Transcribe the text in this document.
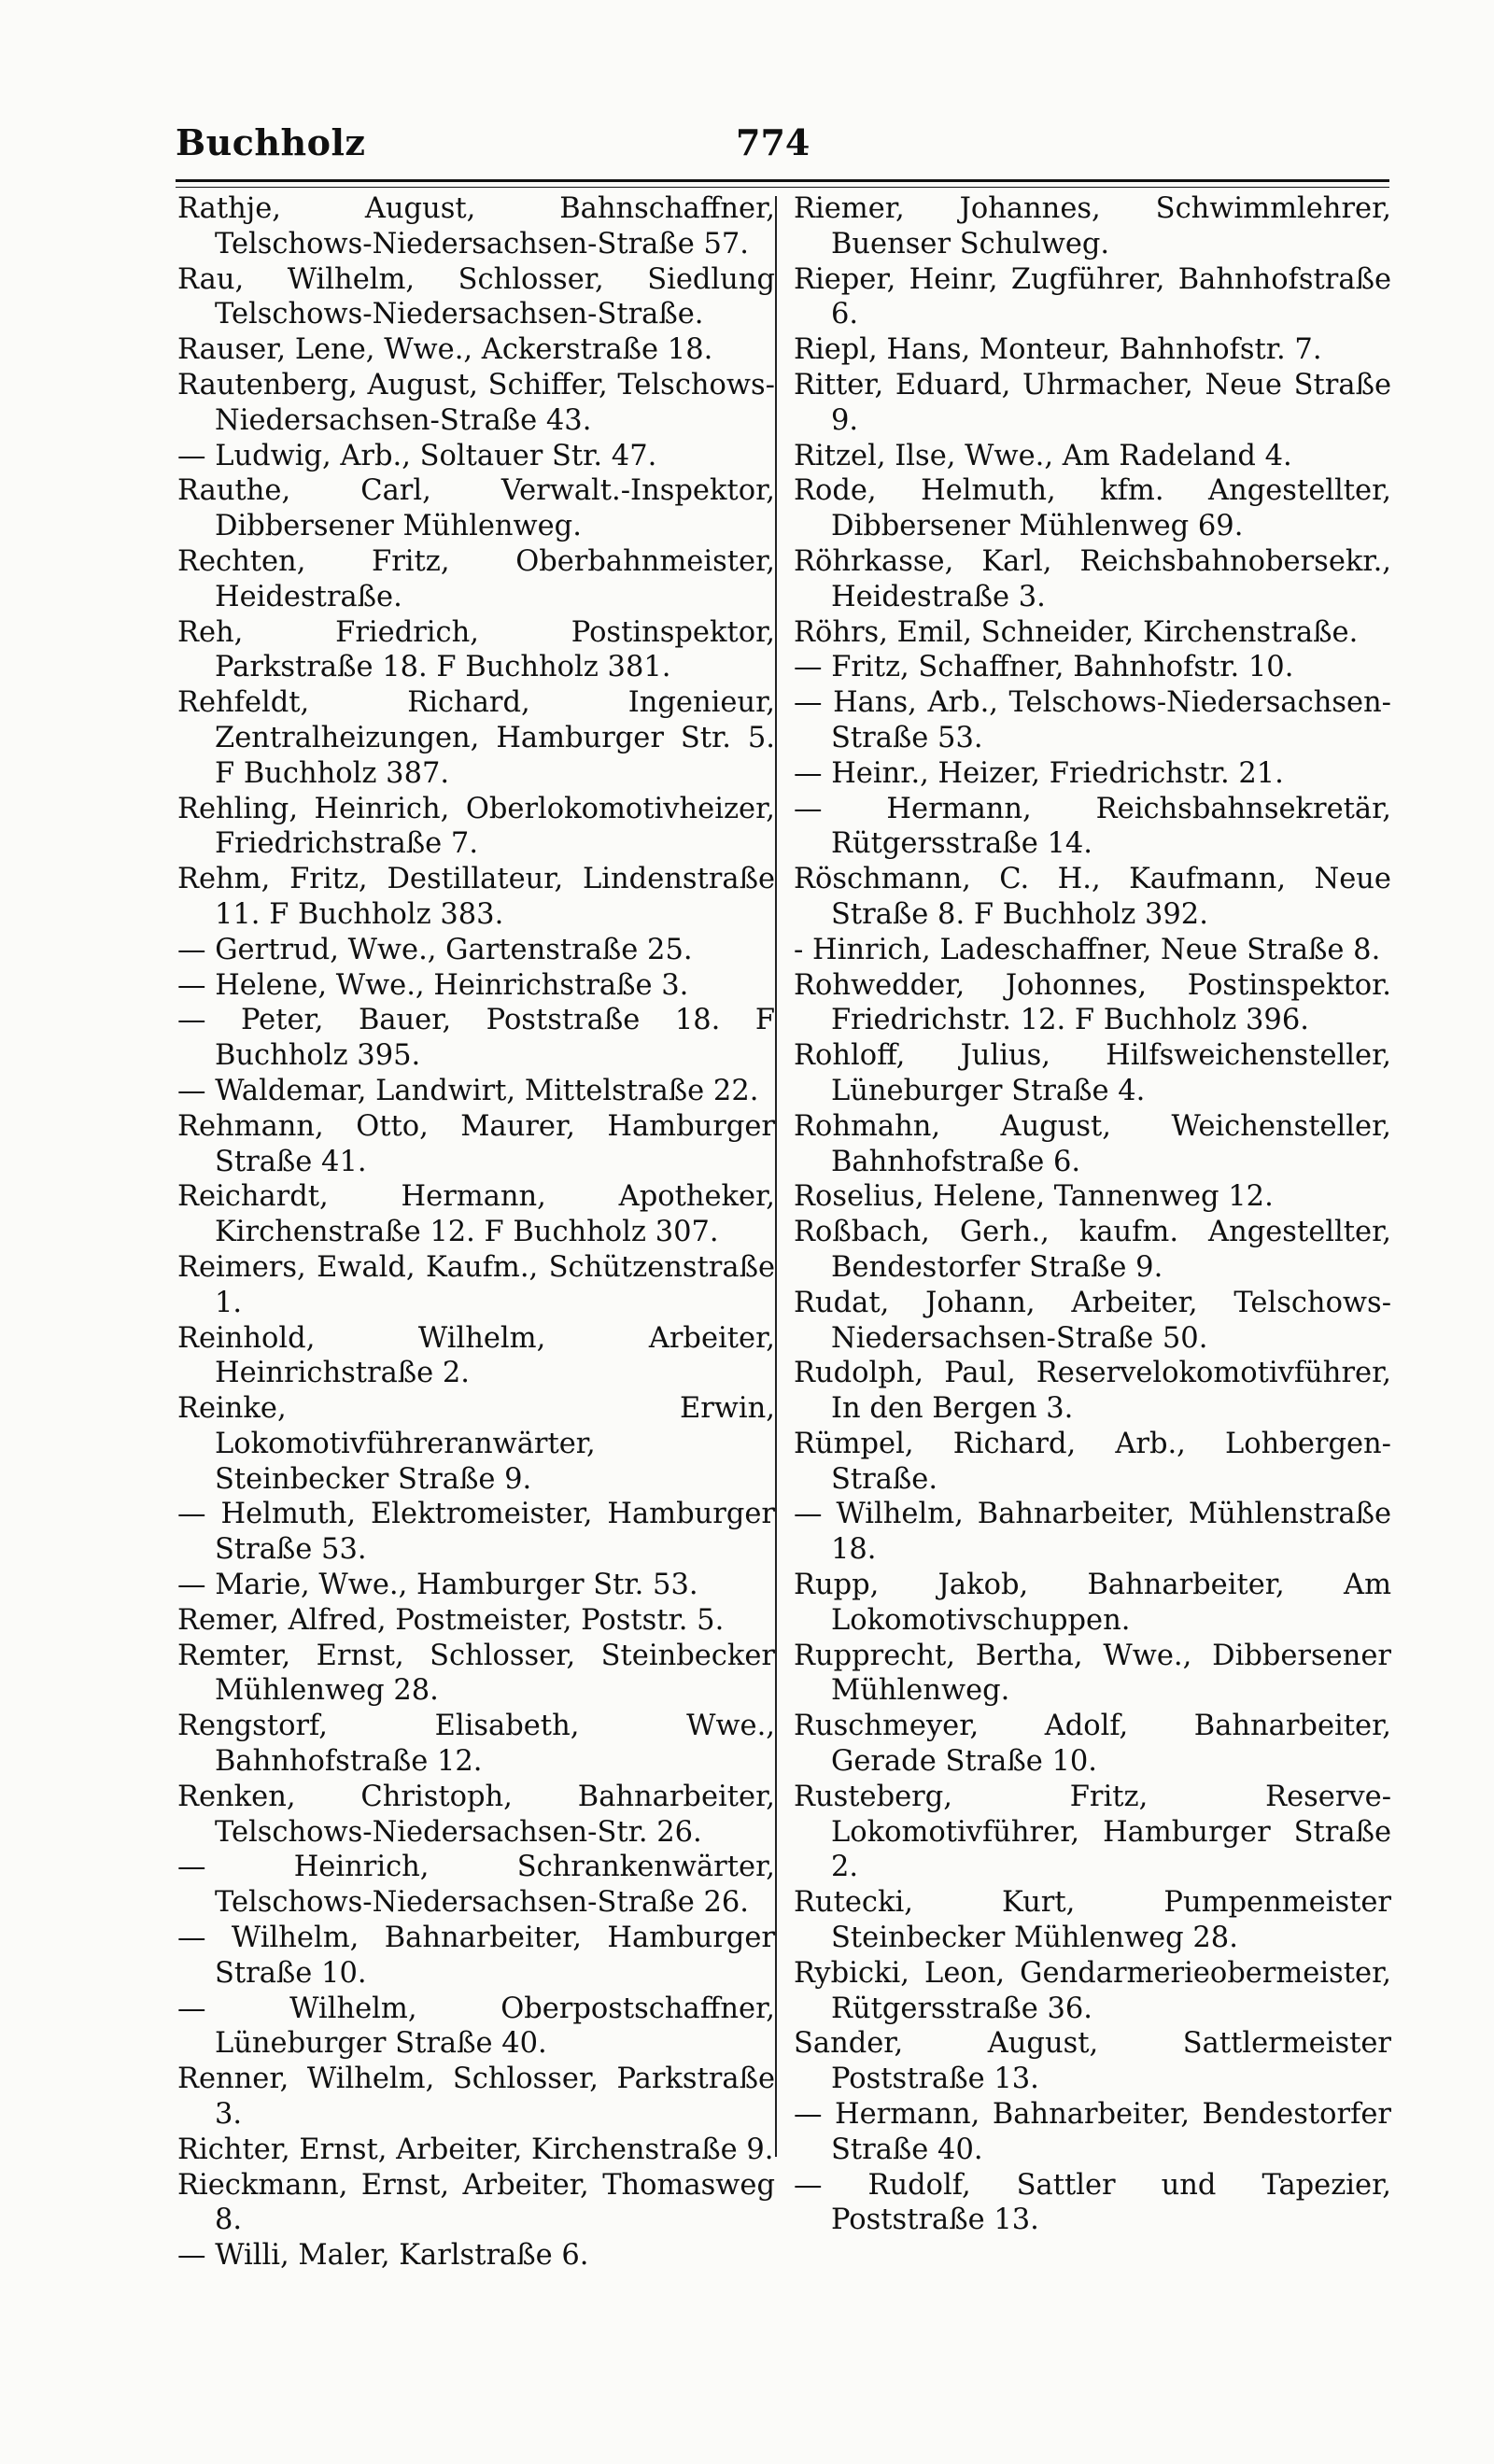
Buchholz	774

Rathje, August, Bahnschaffner, Telschows-Niedersachsen-Straße 57.

Rau, Wilhelm, Schlosser, Siedlung Telschows-Niedersachsen-Straße.

Rauser, Lene, Wwe., Ackerstraße 18.

Rautenberg, August, Schiffer, Telschows-Niedersachsen-Straße 43.

— Ludwig, Arb., Soltauer Str. 47.

Rauthe, Carl, Verwalt.-Inspektor, Dibbersener Mühlenweg.

Rechten, Fritz, Oberbahnmeister, Heidestraße.

Reh, Friedrich, Postinspektor, Parkstraße 18. F Buchholz 381.

Rehfeldt, Richard, Ingenieur, Zentralheizungen, Hamburger Str. 5. F Buchholz 387.

Rehling, Heinrich, Oberlokomotivheizer, Friedrichstraße 7.

Rehm, Fritz, Destillateur, Lindenstraße 11. F Buchholz 383.

— Gertrud, Wwe., Gartenstraße 25.

— Helene, Wwe., Heinrichstraße 3.

— Peter, Bauer, Poststraße 18. F Buchholz 395.

— Waldemar, Landwirt, Mittelstraße 22.

Rehmann, Otto, Maurer, Hamburger Straße 41.

Reichardt, Hermann, Apotheker, Kirchenstraße 12. F Buchholz 307.

Reimers, Ewald, Kaufm., Schützenstraße 1.

Reinhold, Wilhelm, Arbeiter, Heinrichstraße 2.

Reinke, Erwin, Lokomotivführeranwärter, Steinbecker Straße 9.

— Helmuth, Elektromeister, Hamburger Straße 53.

— Marie, Wwe., Hamburger Str. 53.

Remer, Alfred, Postmeister, Poststr. 5.

Remter, Ernst, Schlosser, Steinbecker Mühlenweg 28.

Rengstorf, Elisabeth, Wwe., Bahnhofstraße 12.

Renken, Christoph, Bahnarbeiter, Telschows-Niedersachsen-Str. 26.

— Heinrich, Schrankenwärter, Telschows-Niedersachsen-Straße 26.

— Wilhelm, Bahnarbeiter, Hamburger Straße 10.

— Wilhelm, Oberpostschaffner, Lüneburger Straße 40.

Renner, Wilhelm, Schlosser, Parkstraße 3.

Richter, Ernst, Arbeiter, Kirchenstraße 9.

Rieckmann, Ernst, Arbeiter, Thomasweg 8.

— Willi, Maler, Karlstraße 6.

Riemer, Johannes, Schwimmlehrer, Buenser Schulweg.

Rieper, Heinr, Zugführer, Bahnhofstraße 6.

Riepl, Hans, Monteur, Bahnhofstr. 7.

Ritter, Eduard, Uhrmacher, Neue Straße 9.

Ritzel, Ilse, Wwe., Am Radeland 4.

Rode, Helmuth, kfm. Angestellter, Dibbersener Mühlenweg 69.

Röhrkasse, Karl, Reichsbahnobersekr., Heidestraße 3.

Röhrs, Emil, Schneider, Kirchenstraße.

— Fritz, Schaffner, Bahnhofstr. 10.

— Hans, Arb., Telschows-Niedersachsen-Straße 53.

— Heinr., Heizer, Friedrichstr. 21.

— Hermann, Reichsbahnsekretär, Rütgersstraße 14.

Röschmann, C. H., Kaufmann, Neue Straße 8. F Buchholz 392.

- Hinrich, Ladeschaffner, Neue Straße 8.

Rohwedder, Johonnes, Postinspektor. Friedrichstr. 12. F Buchholz 396.

Rohloff, Julius, Hilfsweichensteller, Lüneburger Straße 4.

Rohmahn, August, Weichensteller, Bahnhofstraße 6.

Roselius, Helene, Tannenweg 12.

Roßbach, Gerh., kaufm. Angestellter, Bendestorfer Straße 9.

Rudat, Johann, Arbeiter, Telschows-Niedersachsen-Straße 50.

Rudolph, Paul, Reservelokomotivführer, In den Bergen 3.

Rümpel, Richard, Arb., Lohbergen-Straße.

— Wilhelm, Bahnarbeiter, Mühlenstraße 18.

Rupp, Jakob, Bahnarbeiter, Am Lokomotivschuppen.

Rupprecht, Bertha, Wwe., Dibbersener Mühlenweg.

Ruschmeyer, Adolf, Bahnarbeiter, Gerade Straße 10.

Rusteberg, Fritz, Reserve-Lokomotivführer, Hamburger Straße 2.

Rutecki, Kurt, Pumpenmeister Steinbecker Mühlenweg 28.

Rybicki, Leon, Gendarmerieobermeister, Rütgersstraße 36.

Sander, August, Sattlermeister Poststraße 13.

— Hermann, Bahnarbeiter, Bendestorfer Straße 40.

— Rudolf, Sattler und Tapezier, Poststraße 13.
